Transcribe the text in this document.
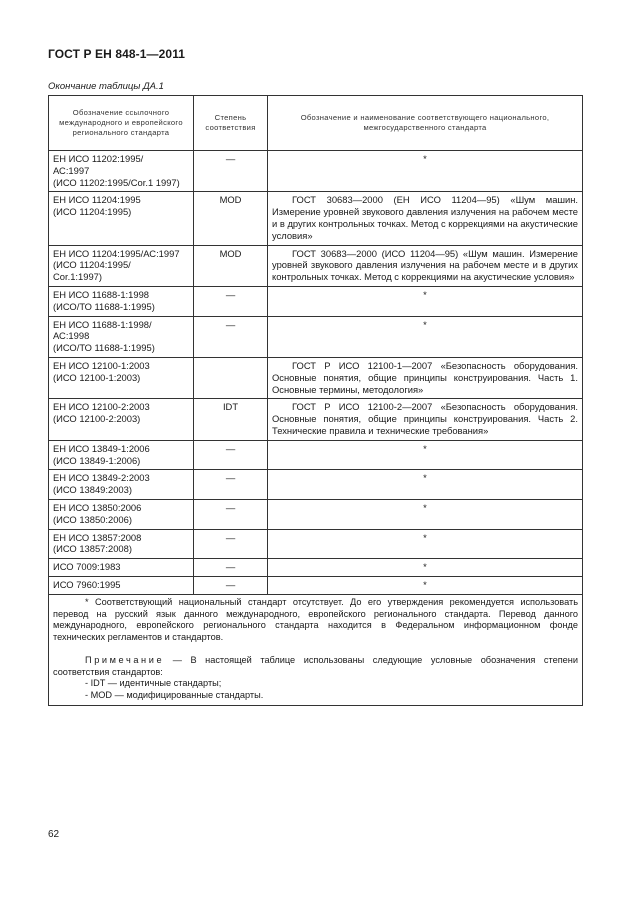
ГОСТ Р ЕН 848-1—2011
Окончание таблицы ДА.1
Обозначение ссылочного международного и европейского регионального стандарта	Степень соответствия	Обозначение и наименование соответствующего национального, межгосударственного стандарта
ЕН ИСО 11202:1995/
АС:1997
(ИСО 11202:1995/Cor.1 1997)	—	*
ЕН ИСО 11204:1995
(ИСО 11204:1995)	MOD	ГОСТ 30683—2000 (ЕН ИСО 11204—95) «Шум машин. Измерение уровней звукового давления излучения на рабочем месте и в других контрольных точках. Метод с коррекциями на акустические условия»
ЕН ИСО 11204:1995/АС:1997
(ИСО 11204:1995/
Cor.1:1997)	MOD	ГОСТ 30683—2000 (ИСО 11204—95) «Шум машин. Измерение уровней звукового давления излучения на рабочем месте и в других контрольных точках. Метод с коррекциями на акустические условия»
ЕН ИСО 11688-1:1998
(ИСО/ТО 11688-1:1995)	—	*
ЕН ИСО 11688-1:1998/
АС:1998
(ИСО/ТО 11688-1:1995)	—	*
ЕН ИСО 12100-1:2003
(ИСО 12100-1:2003)		ГОСТ Р ИСО 12100-1—2007 «Безопасность оборудования. Основные понятия, общие принципы конструирования. Часть 1. Основные термины, методология»
ЕН ИСО 12100-2:2003
(ИСО 12100-2:2003)	IDT	ГОСТ Р ИСО 12100-2—2007 «Безопасность оборудования. Основные понятия, общие принципы конструирования. Часть 2. Технические правила и технические требования»
ЕН ИСО 13849-1:2006
(ИСО 13849-1:2006)	—	*
ЕН ИСО 13849-2:2003
(ИСО 13849:2003)	—	*
ЕН ИСО 13850:2006
(ИСО 13850:2006)	—	*
ЕН ИСО 13857:2008
(ИСО 13857:2008)	—	*
ИСО 7009:1983	—	*
ИСО 7960:1995	—	*

* Соответствующий национальный стандарт отсутствует. До его утверждения рекомендуется использовать перевод на русский язык данного международного, европейского регионального стандарта. Перевод данного международного, европейского регионального стандарта находится в Федеральном информационном фонде технических регламентов и стандартов.

Примечание — В настоящей таблице использованы следующие условные обозначения степени соответствия стандартов:

- IDT — идентичные стандарты;

- MOD — модифицированные стандарты.		

62
